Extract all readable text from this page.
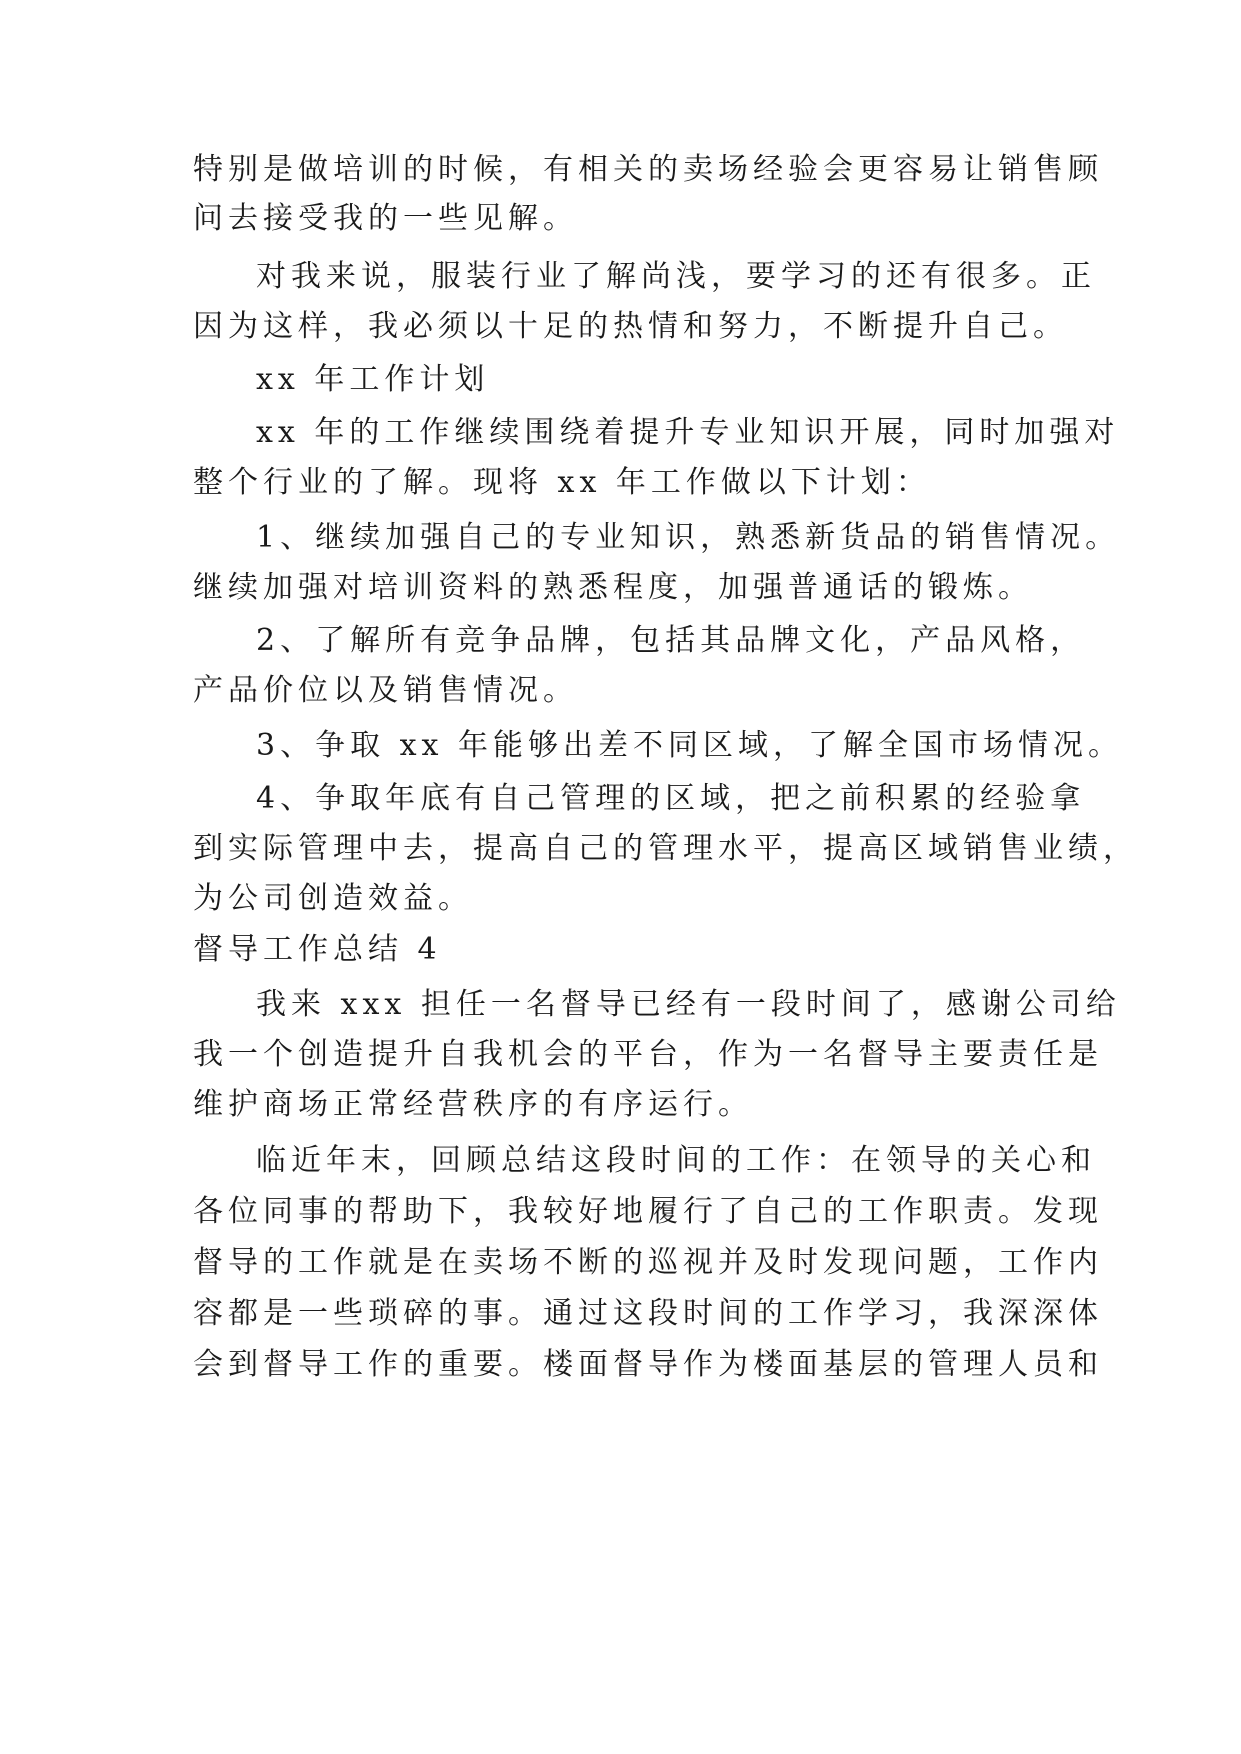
特别是做培训的时候，有相关的卖场经验会更容易让销售顾
问去接受我的一些见解。
对我来说，服装行业了解尚浅，要学习的还有很多。正
因为这样，我必须以十足的热情和努力，不断提升自己。
xx 年工作计划
xx 年的工作继续围绕着提升专业知识开展，同时加强对
整个行业的了解。现将 xx 年工作做以下计划：
1、继续加强自己的专业知识，熟悉新货品的销售情况。
继续加强对培训资料的熟悉程度，加强普通话的锻炼。
2、了解所有竞争品牌，包括其品牌文化，产品风格，
产品价位以及销售情况。
3、争取 xx 年能够出差不同区域，了解全国市场情况。
4、争取年底有自己管理的区域，把之前积累的经验拿
到实际管理中去，提高自己的管理水平，提高区域销售业绩，
为公司创造效益。
督导工作总结 4
我来 xxx 担任一名督导已经有一段时间了，感谢公司给
我一个创造提升自我机会的平台，作为一名督导主要责任是
维护商场正常经营秩序的有序运行。
临近年末，回顾总结这段时间的工作：在领导的关心和
各位同事的帮助下，我较好地履行了自己的工作职责。发现
督导的工作就是在卖场不断的巡视并及时发现问题，工作内
容都是一些琐碎的事。通过这段时间的工作学习，我深深体
会到督导工作的重要。楼面督导作为楼面基层的管理人员和
